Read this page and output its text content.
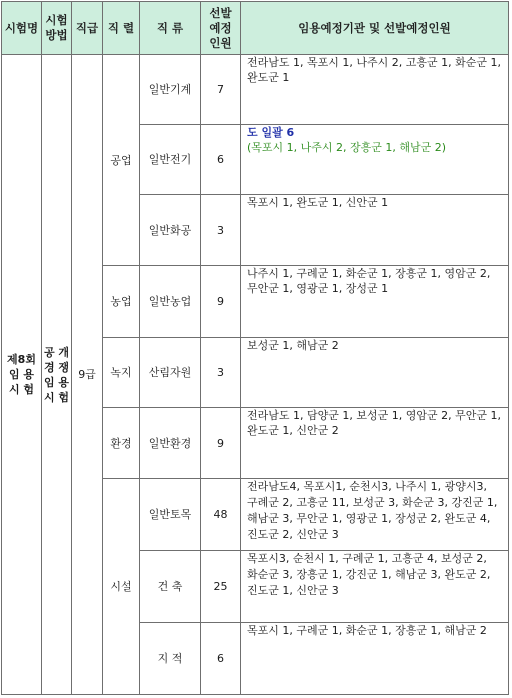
시험명
시험
방법
직급 직 렬 직 류
선발
예정
인원
임용예정기관 및 선발예정인원
제8회
임 용
시 험
공 개
경 쟁
임 용
시 험
9급
공업
농업
녹지
환경
시설
일반기계 7
전라남도 1, 목포시 1, 나주시 2, 고흥군 1, 화순군 1,
완도군 1
일반전기 6
도 일괄 6
(목포시 1, 나주시 2, 장흥군 1, 해남군 2)
일반화공 3
목포시 1, 완도군 1, 신안군 1
일반농업 9
나주시 1, 구례군 1, 화순군 1, 장흥군 1, 영암군 2,
무안군 1, 영광군 1, 장성군 1
산림자원 3
보성군 1, 해남군 2
일반환경 9
전라남도 1, 담양군 1, 보성군 1, 영암군 2, 무안군 1,
완도군 1, 신안군 2
일반토목 48
전라남도4, 목포시1, 순천시3, 나주시 1, 광양시3,
구례군 2, 고흥군 11, 보성군 3, 화순군 3, 강진군 1,
해남군 3, 무안군 1, 영광군 1, 장성군 2, 완도군 4,
진도군 2, 신안군 3
건 축	25
목포시3, 순천시 1, 구례군 1, 고흥군 4, 보성군 2,
화순군 3, 장흥군 1, 강진군 1, 해남군 3, 완도군 2,
진도군 1, 신안군 3
지 적	6
목포시 1, 구례군 1, 화순군 1, 장흥군 1, 해남군 2
